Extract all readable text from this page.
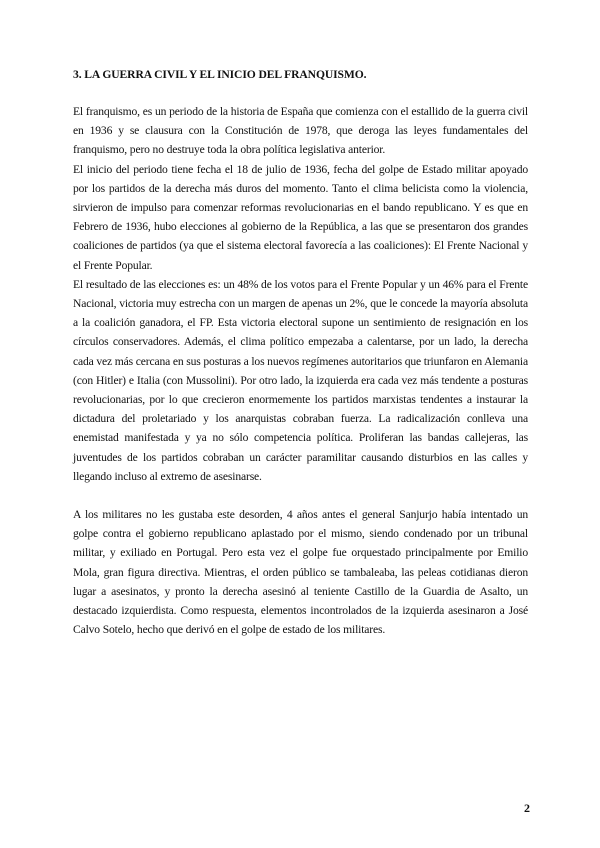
3. LA GUERRA CIVIL Y EL INICIO DEL FRANQUISMO.

El franquismo, es un periodo de la historia de España que comienza con el estallido de la guerra civil en 1936 y se clausura con la Constitución de 1978, que deroga las leyes fundamentales del franquismo, pero no destruye toda la obra política legislativa anterior.

El inicio del periodo tiene fecha el 18 de julio de 1936, fecha del golpe de Estado militar apoyado por los partidos de la derecha más duros del momento. Tanto el clima belicista como la violencia, sirvieron de impulso para comenzar reformas revolucionarias en el bando republicano. Y es que en Febrero de 1936, hubo elecciones al gobierno de la República, a las que se presentaron dos grandes coaliciones de partidos (ya que el sistema electoral favorecía a las coaliciones): El Frente Nacional y el Frente Popular.

El resultado de las elecciones es: un 48% de los votos para el Frente Popular y un 46% para el Frente Nacional, victoria muy estrecha con un margen de apenas un 2%, que le concede la mayoría absoluta a la coalición ganadora, el FP. Esta victoria electoral supone un sentimiento de resignación en los círculos conservadores. Además, el clima político empezaba a calentarse, por un lado, la derecha cada vez más cercana en sus posturas a los nuevos regímenes autoritarios que triunfaron en Alemania (con Hitler) e Italia (con Mussolini). Por otro lado, la izquierda era cada vez más tendente a posturas revolucionarias, por lo que crecieron enormemente los partidos marxistas tendentes a instaurar la dictadura del proletariado y los anarquistas cobraban fuerza. La radicalización conlleva una enemistad manifestada y ya no sólo competencia política. Proliferan las bandas callejeras, las juventudes de los partidos cobraban un carácter paramilitar causando disturbios en las calles y llegando incluso al extremo de asesinarse.

A los militares no les gustaba este desorden, 4 años antes el general Sanjurjo había intentado un golpe contra el gobierno republicano aplastado por el mismo, siendo condenado por un tribunal militar, y exiliado en Portugal. Pero esta vez el golpe fue orquestado principalmente por Emilio Mola, gran figura directiva. Mientras, el orden público se tambaleaba, las peleas cotidianas dieron lugar a asesinatos, y pronto la derecha asesinó al teniente Castillo de la Guardia de Asalto, un destacado izquierdista. Como respuesta, elementos incontrolados de la izquierda asesinaron a José Calvo Sotelo, hecho que derivó en el golpe de estado de los militares.

2
